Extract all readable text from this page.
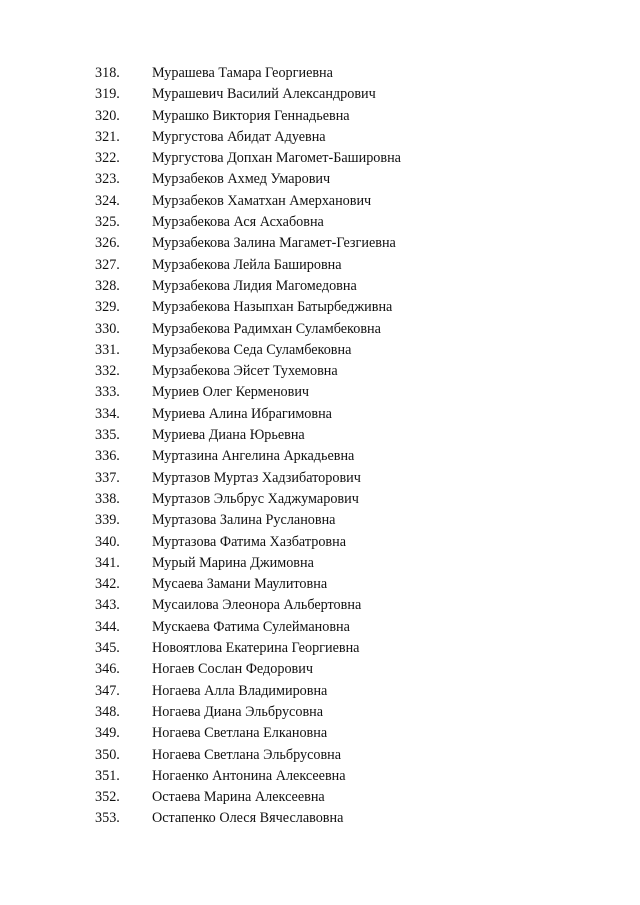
318. Мурашева Тамара Георгиевна
319. Мурашевич Василий Александрович
320. Мурашко Виктория Геннадьевна
321. Мургустова Абидат Адуевна
322. Мургустова Допхан Магомет-Башировна
323. Мурзабеков Ахмед Умарович
324. Мурзабеков Хаматхан Амерханович
325. Мурзабекова Ася Асхабовна
326. Мурзабекова Залина Магамет-Гезгиевна
327. Мурзабекова Лейла Башировна
328. Мурзабекова Лидия Магомедовна
329. Мурзабекова Назыпхан Батырбедживна
330. Мурзабекова Радимхан Суламбековна
331. Мурзабекова Седа Суламбековна
332. Мурзабекова Эйсет Тухемовна
333. Муриев Олег Керменович
334. Муриева Алина Ибрагимовна
335. Муриева Диана Юрьевна
336. Муртазина Ангелина Аркадьевна
337. Муртазов Муртаз Хадзибаторович
338. Муртазов Эльбрус Хаджумарович
339. Муртазова Залина Руслановна
340. Муртазова Фатима Хазбатровна
341. Мурый Марина Джимовна
342. Мусаева Замани Маулитовна
343. Мусаилова Элеонора Альбертовна
344. Мускаева Фатима Сулеймановна
345. Новоятлова Екатерина Георгиевна
346. Ногаев Сослан Федорович
347. Ногаева Алла Владимировна
348. Ногаева Диана Эльбрусовна
349. Ногаева Светлана Елкановна
350. Ногаева Светлана Эльбрусовна
351. Ногаенко Антонина Алексеевна
352. Остаева Марина Алексеевна
353. Остапенко Олеся Вячеславовна
